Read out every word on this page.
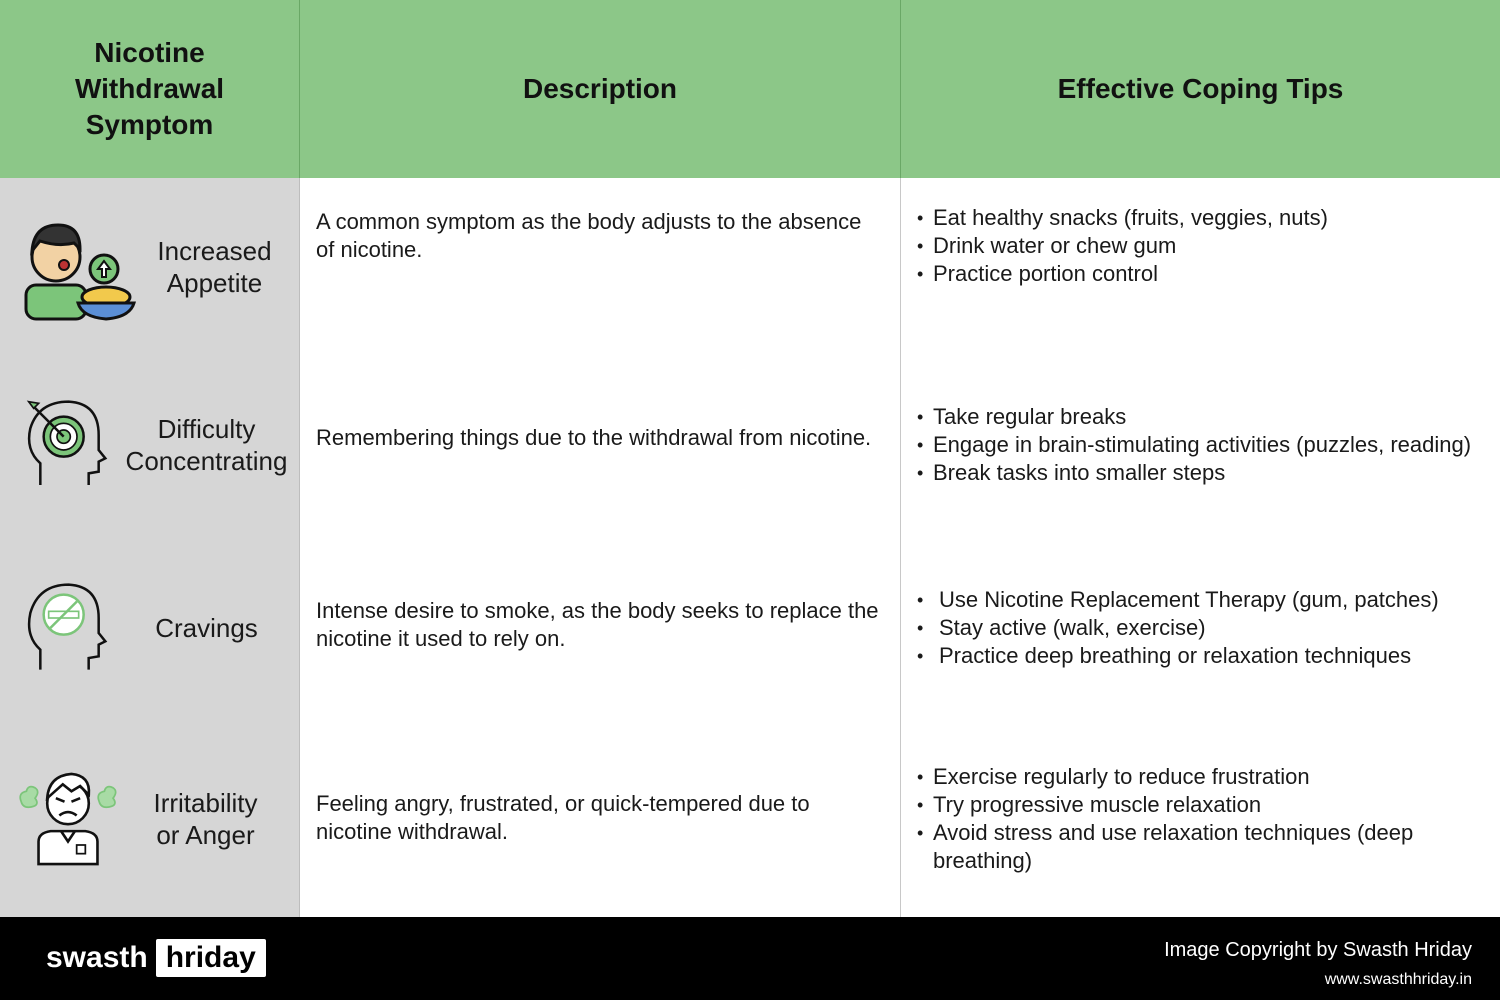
Nicotine Withdrawal Symptom
Description	Effective Coping Tips
Increased
Appetite
A common symptom as the body adjusts to the absence of nicotine.
• Eat healthy snacks (fruits, veggies, nuts)
• Drink water or chew gum
• Practice portion control
Difficulty
Concentrating
Remembering things due to the withdrawal from nicotine.
• Take regular breaks
• Engage in brain-stimulating activities (puzzles, reading)
• Break tasks into smaller steps
Cravings
Intense desire to smoke, as the body seeks to replace the nicotine it used to rely on.
• Use Nicotine Replacement Therapy (gum, patches)
• Stay active (walk, exercise)
• Practice deep breathing or relaxation techniques
Irritability
or Anger
Feeling angry, frustrated, or quick-tempered due to nicotine withdrawal.
• Exercise regularly to reduce frustration
• Try progressive muscle relaxation
• Avoid stress and use relaxation techniques (deep breathing)
swasth hriday	Image Copyright by Swasth Hriday
www.swasthhriday.in
